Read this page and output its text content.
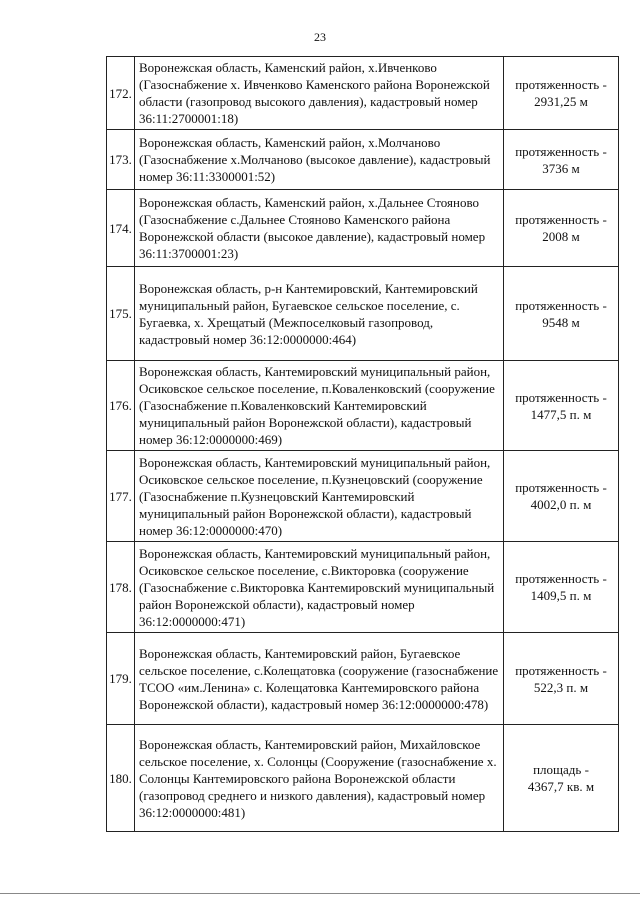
23
172.	Воронежская область, Каменский район, х.Ивченково (Газоснабжение х. Ивченково Каменского района Воронежской области (газопровод высокого давления), кадастровый номер 36:11:2700001:18)	протяженность -
2931,25 м

173.	Воронежская область, Каменский район, х.Молчаново (Газоснабжение х.Молчаново (высокое давление), кадастровый номер 36:11:3300001:52)	протяженность -
3736 м

174.	Воронежская область, Каменский район, х.Дальнее Стояново (Газоснабжение с.Дальнее Стояново Каменского района Воронежской области (высокое давление), кадастровый номер 36:11:3700001:23)	протяженность -
2008 м

175.	Воронежская область, р-н Кантемировский, Кантемировский муниципальный район, Бугаевское сельское поселение, с. Бугаевка, х. Хрещатый (Межпоселковый газопровод, кадастровый номер 36:12:0000000:464)	протяженность -
9548 м

176.	Воронежская область, Кантемировский муниципальный район, Осиковское сельское поселение, п.Коваленковский (сооружение (Газоснабжение п.Коваленковский Кантемировский муниципальный район Воронежской области), кадастровый номер 36:12:0000000:469)	протяженность -
1477,5 п. м

177.	Воронежская область, Кантемировский муниципальный район, Осиковское сельское поселение, п.Кузнецовский (сооружение (Газоснабжение п.Кузнецовский Кантемировский муниципальный район Воронежской области), кадастровый номер 36:12:0000000:470)	протяженность -
4002,0 п. м

178.	Воронежская область, Кантемировский муниципальный район, Осиковское сельское поселение, с.Викторовка (сооружение (Газоснабжение с.Викторовка Кантемировский муниципальный район Воронежской области), кадастровый номер 36:12:0000000:471)	протяженность -
1409,5 п. м

179.	Воронежская область, Кантемировский район, Бугаевское сельское поселение, с.Колещатовка (сооружение (газоснабжение ТСОО «им.Ленина» с. Колещатовка Кантемировского района Воронежской области), кадастровый номер 36:12:0000000:478)	протяженность -
522,3 п. м

180.	Воронежская область, Кантемировский район, Михайловское сельское поселение, х. Солонцы (Сооружение (газоснабжение х. Солонцы Кантемировского района Воронежской области (газопровод среднего и низкого давления), кадастровый номер 36:12:0000000:481)	площадь -
4367,7 кв. м
